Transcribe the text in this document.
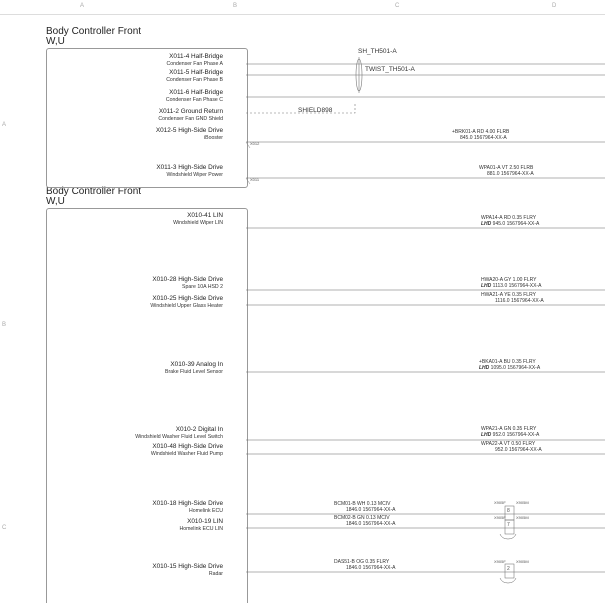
A	B	C	D
A
B
C
Body Controller Front
W,U
Body Controller Front
W,U
X011-4 Half-Bridge
Condenser Fan Phase A
X011-5 Half-Bridge
Condenser Fan Phase B
X011-6 Half-Bridge
Condenser Fan Phase C
X011-2 Ground Return
Condenser Fan GND Shield
X012-5 High-Side Drive
iBooster
X011-3 High-Side Drive
Windshield Wiper Power
X010-41 LIN
Windshield Wiper LIN
X010-28 High-Side Drive
Spare 10A HSD 2
X010-25 High-Side Drive
Windshield Upper Glass Heater
X010-39 Analog In
Brake Fluid Level Sensor
X010-2 Digital In
Windshield Washer Fluid Level Switch
X010-48 High-Side Drive
Windshield Washer Fluid Pump
X010-18 High-Side Drive
Homelink ECU
X010-19 LIN
Homelink ECU LIN
X010-15 High-Side Drive
Radar
X012
X011
SH_TH501-A
TWIST_TH501-A
SHIELD898
+BRK01-A RD 4.00 FLRB
845.0 1567964-XX-A
WPA01-A VT 2.50 FLRB
881.0 1567964-XX-A
WPA14-A RD 0.35 FLRY
LHD 945.0 1567964-XX-A
HWA20-A GY 1.00 FLRY
LHD 1113.0 1567964-XX-A
HWA21-A YE 0.35 FLRY
1116.0 1567964-XX-A
+BKA01-A BU 0.35 FLRY
LHD 1095.0 1567964-XX-A
WPA21-A GN 0.35 FLRY
LHD 952.0 1567964-XX-A
WPA22-A VT 0.50 FLRY
952.0 1567964-XX-A
BCM01-B WH 0.13 MCIV
1846.0 1567964-XX-A
BCM02-B GN 0.13 MCIV
1846.0 1567964-XX-A
DAS51-B OG 0.35 FLRY
1846.0 1567964-XX-A
X905F	X905M
8
X905F	X905M
7
X905F	X905M
2
